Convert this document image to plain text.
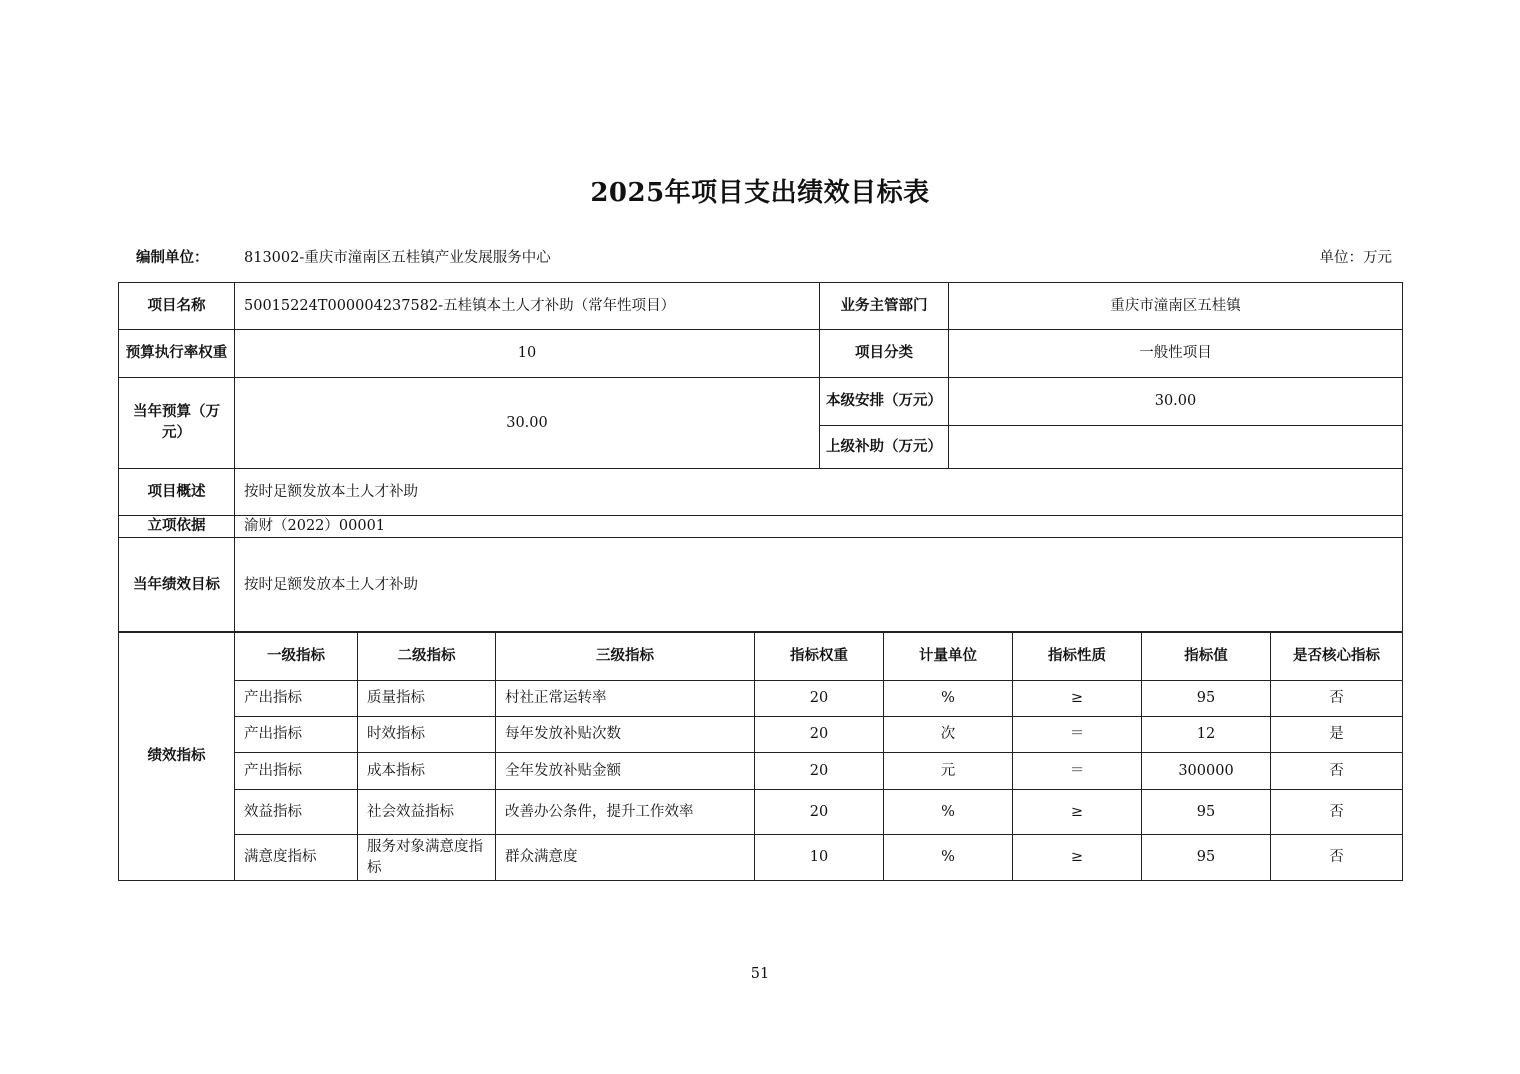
2025年项目支出绩效目标表
编制单位： 813002-重庆市潼南区五桂镇产业发展服务中心	单位：万元
项目名称	50015224T000004237582-五桂镇本土人才补助（常年性项目）	业务主管部门	重庆市潼南区五桂镇
预算执行率权重	10	项目分类	一般性项目
当年预算（万元）	30.00	本级安排（万元）	30.00
		上级补助（万元）	
项目概述	按时足额发放本土人才补助		
立项依据	渝财（2022）00001		
当年绩效目标	按时足额发放本土人才补助		
绩效指标	一级指标	二级指标	三级指标	指标权重	计量单位	指标性质	指标值	是否核心指标
	产出指标	质量指标	村社正常运转率	20	%	≥	95	否
	产出指标	时效指标	每年发放补贴次数	20	次	＝	12	是
	产出指标	成本指标	全年发放补贴金额	20	元	＝	300000	否
	效益指标	社会效益指标	改善办公条件，提升工作效率	20	%	≥	95	否
	满意度指标	服务对象满意度指标	群众满意度	10	%	≥	95	否
51
